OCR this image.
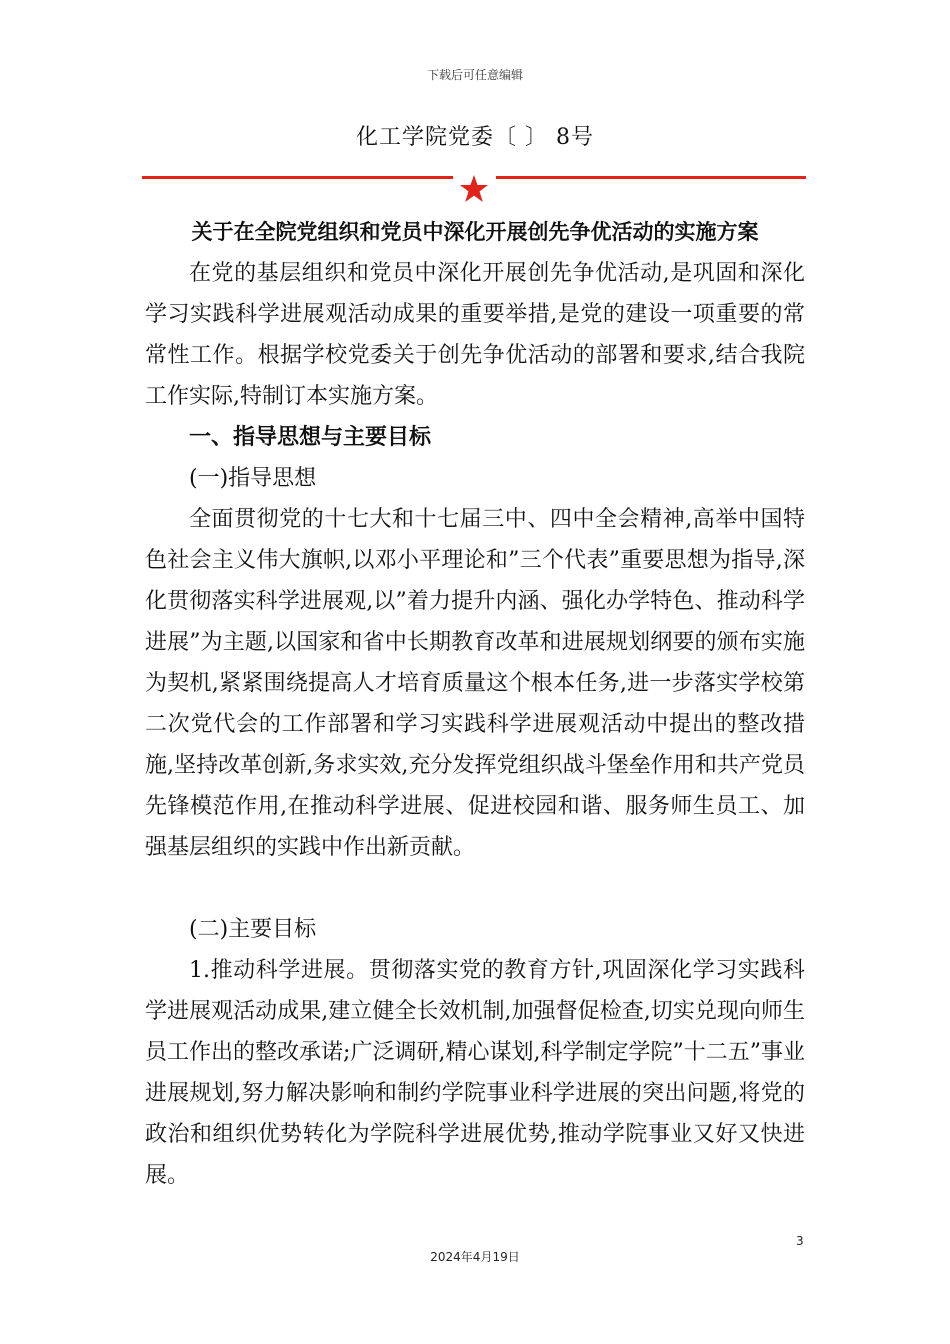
下载后可任意编辑
化工学院党委〔 〕 8号
关于在全院党组织和党员中深化开展创先争优活动的实施方案

在党的基层组织和党员中深化开展创先争优活动,是巩固和深化学习实践科学进展观活动成果的重要举措,是党的建设一项重要的常常性工作。根据学校党委关于创先争优活动的部署和要求,结合我院工作实际,特制订本实施方案。

一、指导思想与主要目标

(一)指导思想

全面贯彻党的十七大和十七届三中、四中全会精神,高举中国特色社会主义伟大旗帜,以邓小平理论和”三个代表”重要思想为指导,深化贯彻落实科学进展观,以”着力提升内涵、强化办学特色、推动科学进展”为主题,以国家和省中长期教育改革和进展规划纲要的颁布实施为契机,紧紧围绕提高人才培育质量这个根本任务,进一步落实学校第二次党代会的工作部署和学习实践科学进展观活动中提出的整改措施,坚持改革创新,务求实效,充分发挥党组织战斗堡垒作用和共产党员先锋模范作用,在推动科学进展、促进校园和谐、服务师生员工、加强基层组织的实践中作出新贡献。

(二)主要目标

1.推动科学进展。贯彻落实党的教育方针,巩固深化学习实践科学进展观活动成果,建立健全长效机制,加强督促检查,切实兑现向师生员工作出的整改承诺;广泛调研,精心谋划,科学制定学院”十二五”事业进展规划,努力解决影响和制约学院事业科学进展的突出问题,将党的政治和组织优势转化为学院科学进展优势,推动学院事业又好又快进展。

3
2024年4月19日
